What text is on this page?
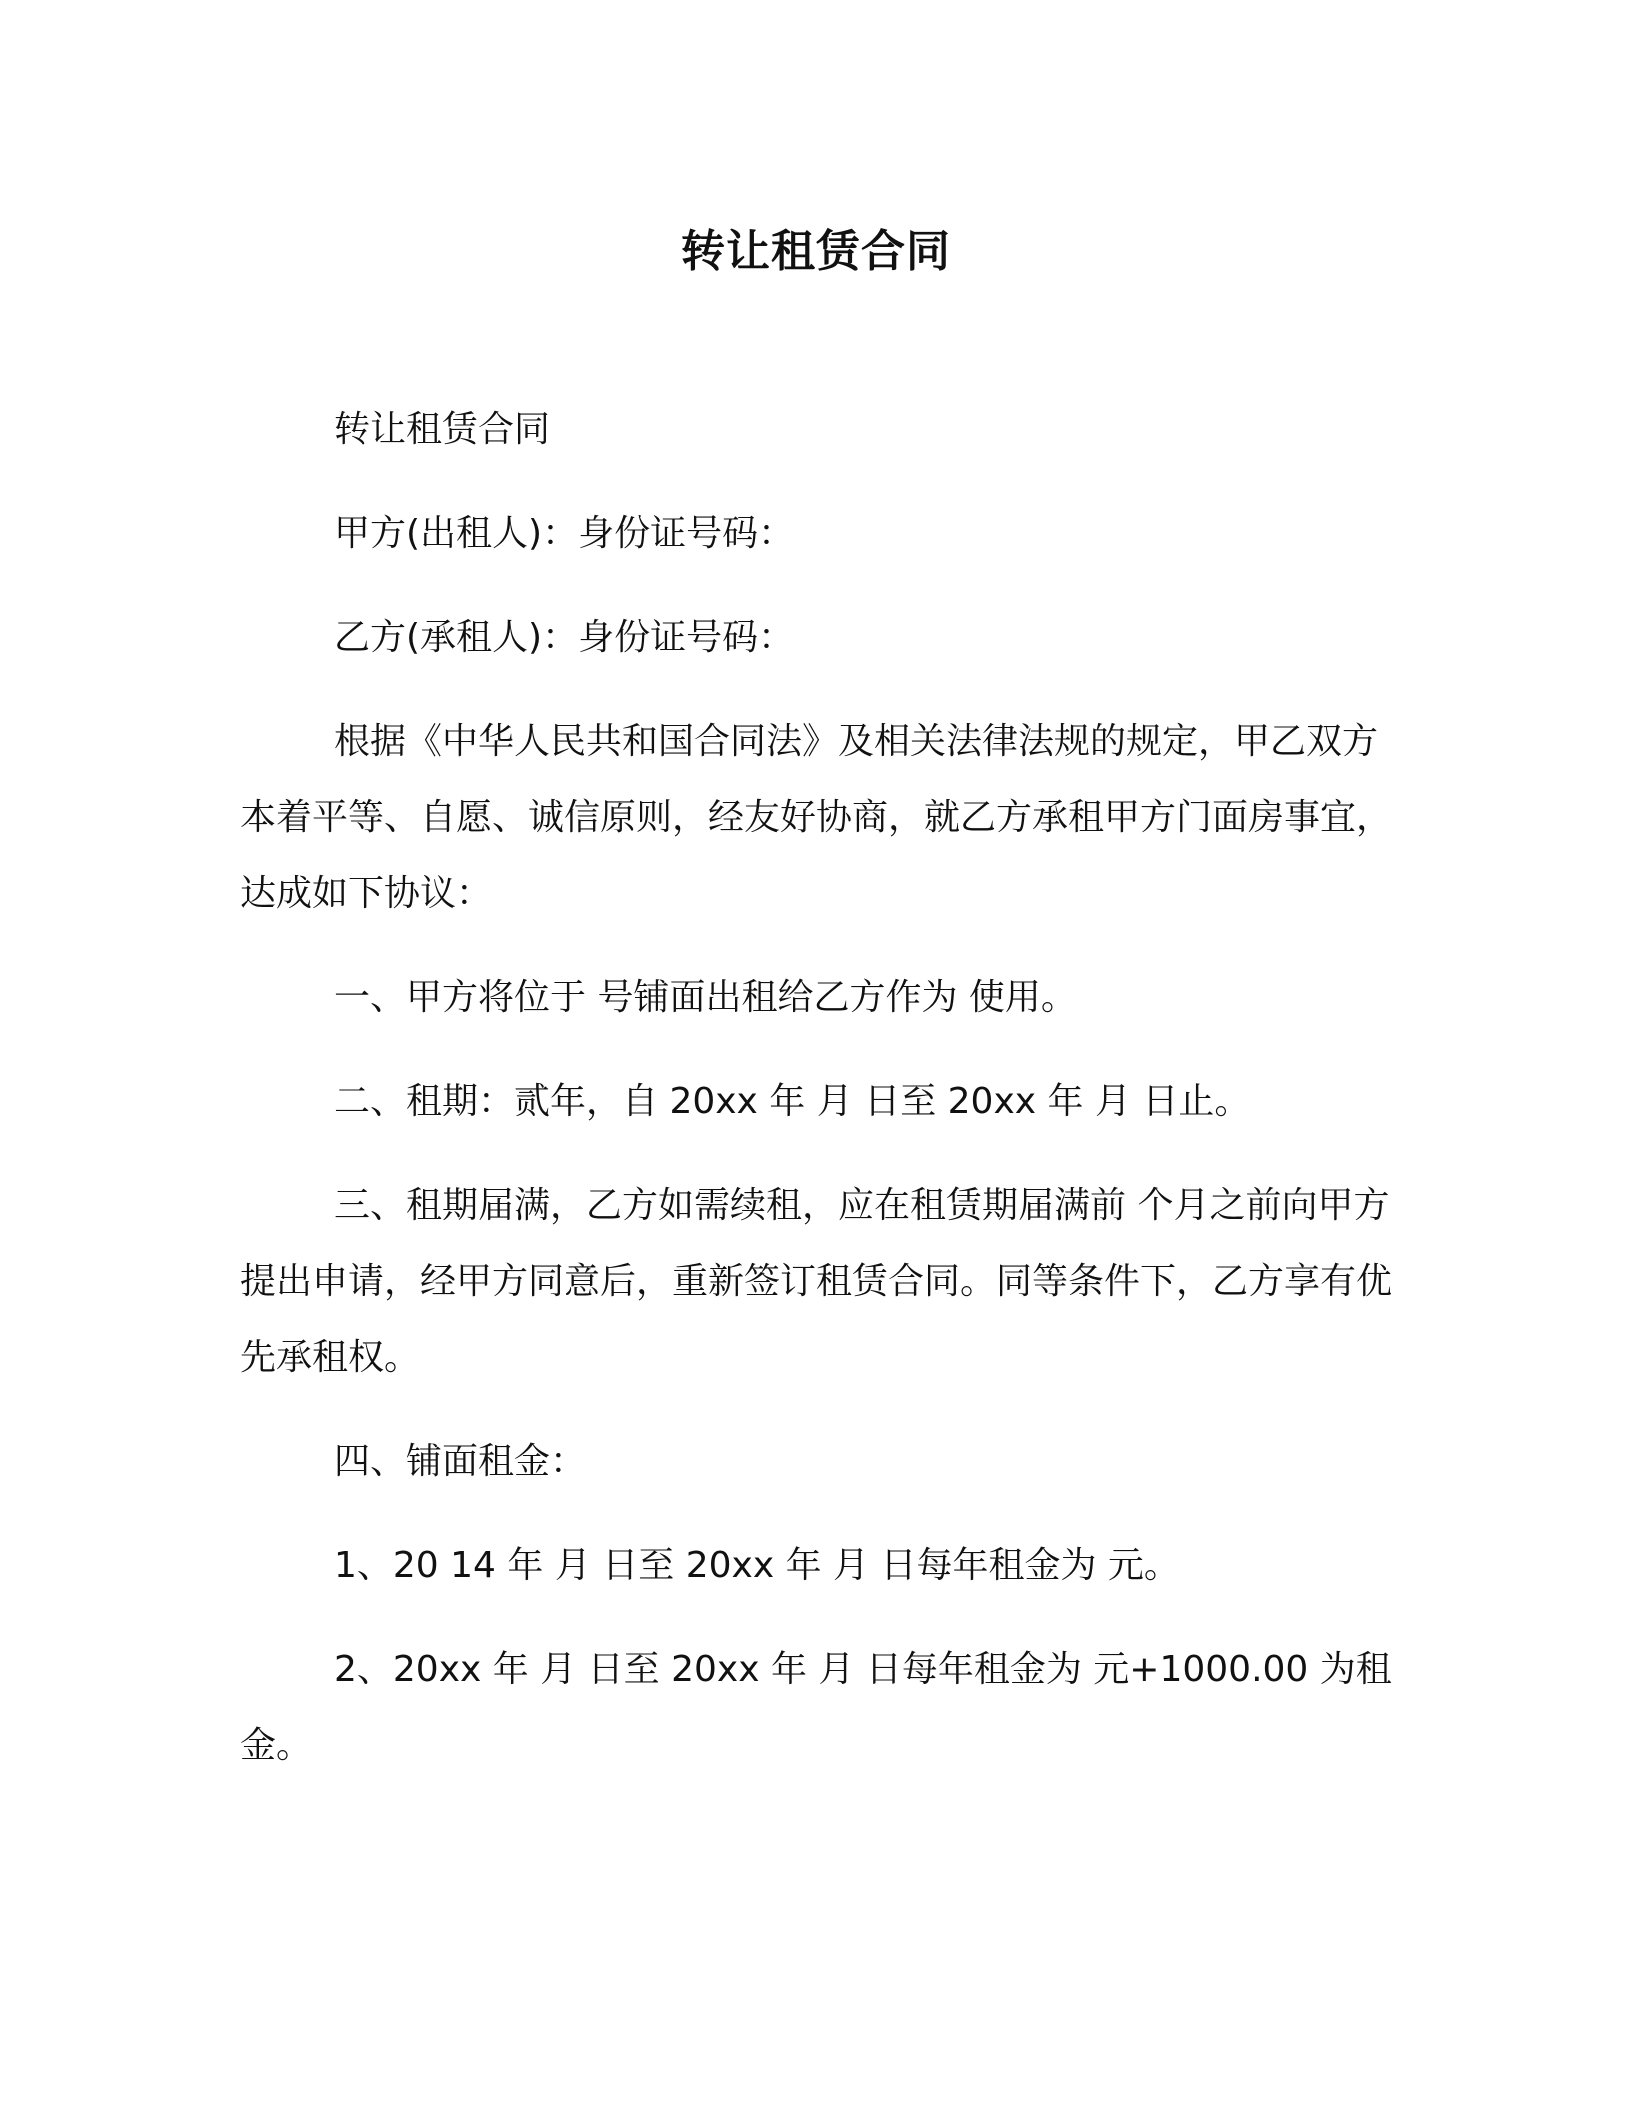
转让租赁合同

转让租赁合同

甲方(出租人)：身份证号码：

乙方(承租人)：身份证号码：

根据《中华人民共和国合同法》及相关法律法规的规定，甲乙双方本着平等、自愿、诚信原则，经友好协商，就乙方承租甲方门面房事宜，达成如下协议：

一、甲方将位于 号铺面出租给乙方作为 使用。

二、租期：贰年，自 20xx 年 月 日至 20xx 年 月 日止。

三、租期届满，乙方如需续租，应在租赁期届满前 个月之前向甲方提出申请，经甲方同意后，重新签订租赁合同。同等条件下，乙方享有优先承租权。

四、铺面租金：

1、20 14 年 月 日至 20xx 年 月 日每年租金为 元。

2、20xx 年 月 日至 20xx 年 月 日每年租金为 元+1000.00 为租金。
